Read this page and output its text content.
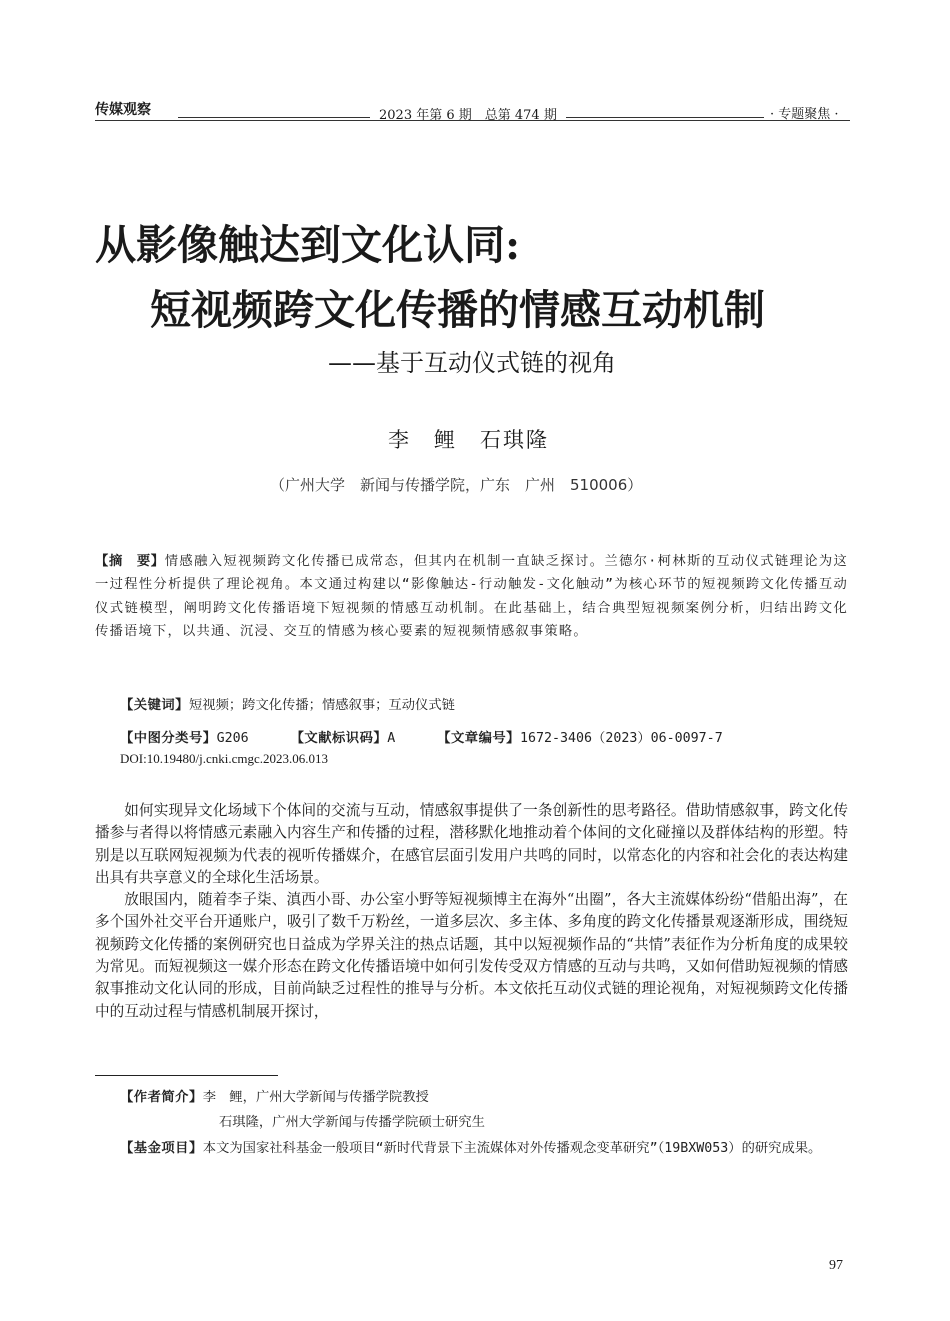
传媒观察	2023 年第 6 期　总第 474 期	· 专题聚焦 ·
从影像触达到文化认同:
短视频跨文化传播的情感互动机制
——基于互动仪式链的视角
李　鲤　石琪隆
（广州大学　新闻与传播学院，广东　广州　510006）
【摘　要】情感融入短视频跨文化传播已成常态，但其内在机制一直缺乏探讨。兰德尔·柯林斯的互动仪式链理论为这一过程性分析提供了理论视角。本文通过构建以“影像触达-行动触发-文化触动”为核心环节的短视频跨文化传播互动仪式链模型，阐明跨文化传播语境下短视频的情感互动机制。在此基础上，结合典型短视频案例分析，归结出跨文化传播语境下，以共通、沉浸、交互的情感为核心要素的短视频情感叙事策略。
【关键词】短视频；跨文化传播；情感叙事；互动仪式链
【中图分类号】G206	【文献标识码】A	【文章编号】1672-3406（2023）06-0097-7
DOI:10.19480/j.cnki.cmgc.2023.06.013

如何实现异文化场域下个体间的交流与互动，情感叙事提供了一条创新性的思考路径。借助情感叙事，跨文化传播参与者得以将情感元素融入内容生产和传播的过程，潜移默化地推动着个体间的文化碰撞以及群体结构的形塑。特别是以互联网短视频为代表的视听传播媒介，在感官层面引发用户共鸣的同时，以常态化的内容和社会化的表达构建出具有共享意义的全球化生活场景。

放眼国内，随着李子柒、滇西小哥、办公室小野等短视频博主在海外“出圈”，各大主流媒体纷纷“借船出海”，在多个国外社交平台开通账户，吸引了数千万粉丝，一道多层次、多主体、多角度的跨文化传播景观逐渐形成，围绕短视频跨文化传播的案例研究也日益成为学界关注的热点话题，其中以短视频作品的“共情”表征作为分析角度的成果较为常见。而短视频这一媒介形态在跨文化传播语境中如何引发传受双方情感的互动与共鸣，又如何借助短视频的情感叙事推动文化认同的形成，目前尚缺乏过程性的推导与分析。本文依托互动仪式链的理论视角，对短视频跨文化传播中的互动过程与情感机制展开探讨，

【作者简介】李　鲤，广州大学新闻与传播学院教授
石琪隆，广州大学新闻与传播学院硕士研究生
【基金项目】本文为国家社科基金一般项目“新时代背景下主流媒体对外传播观念变革研究”（19BXW053）的研究成果。
97
